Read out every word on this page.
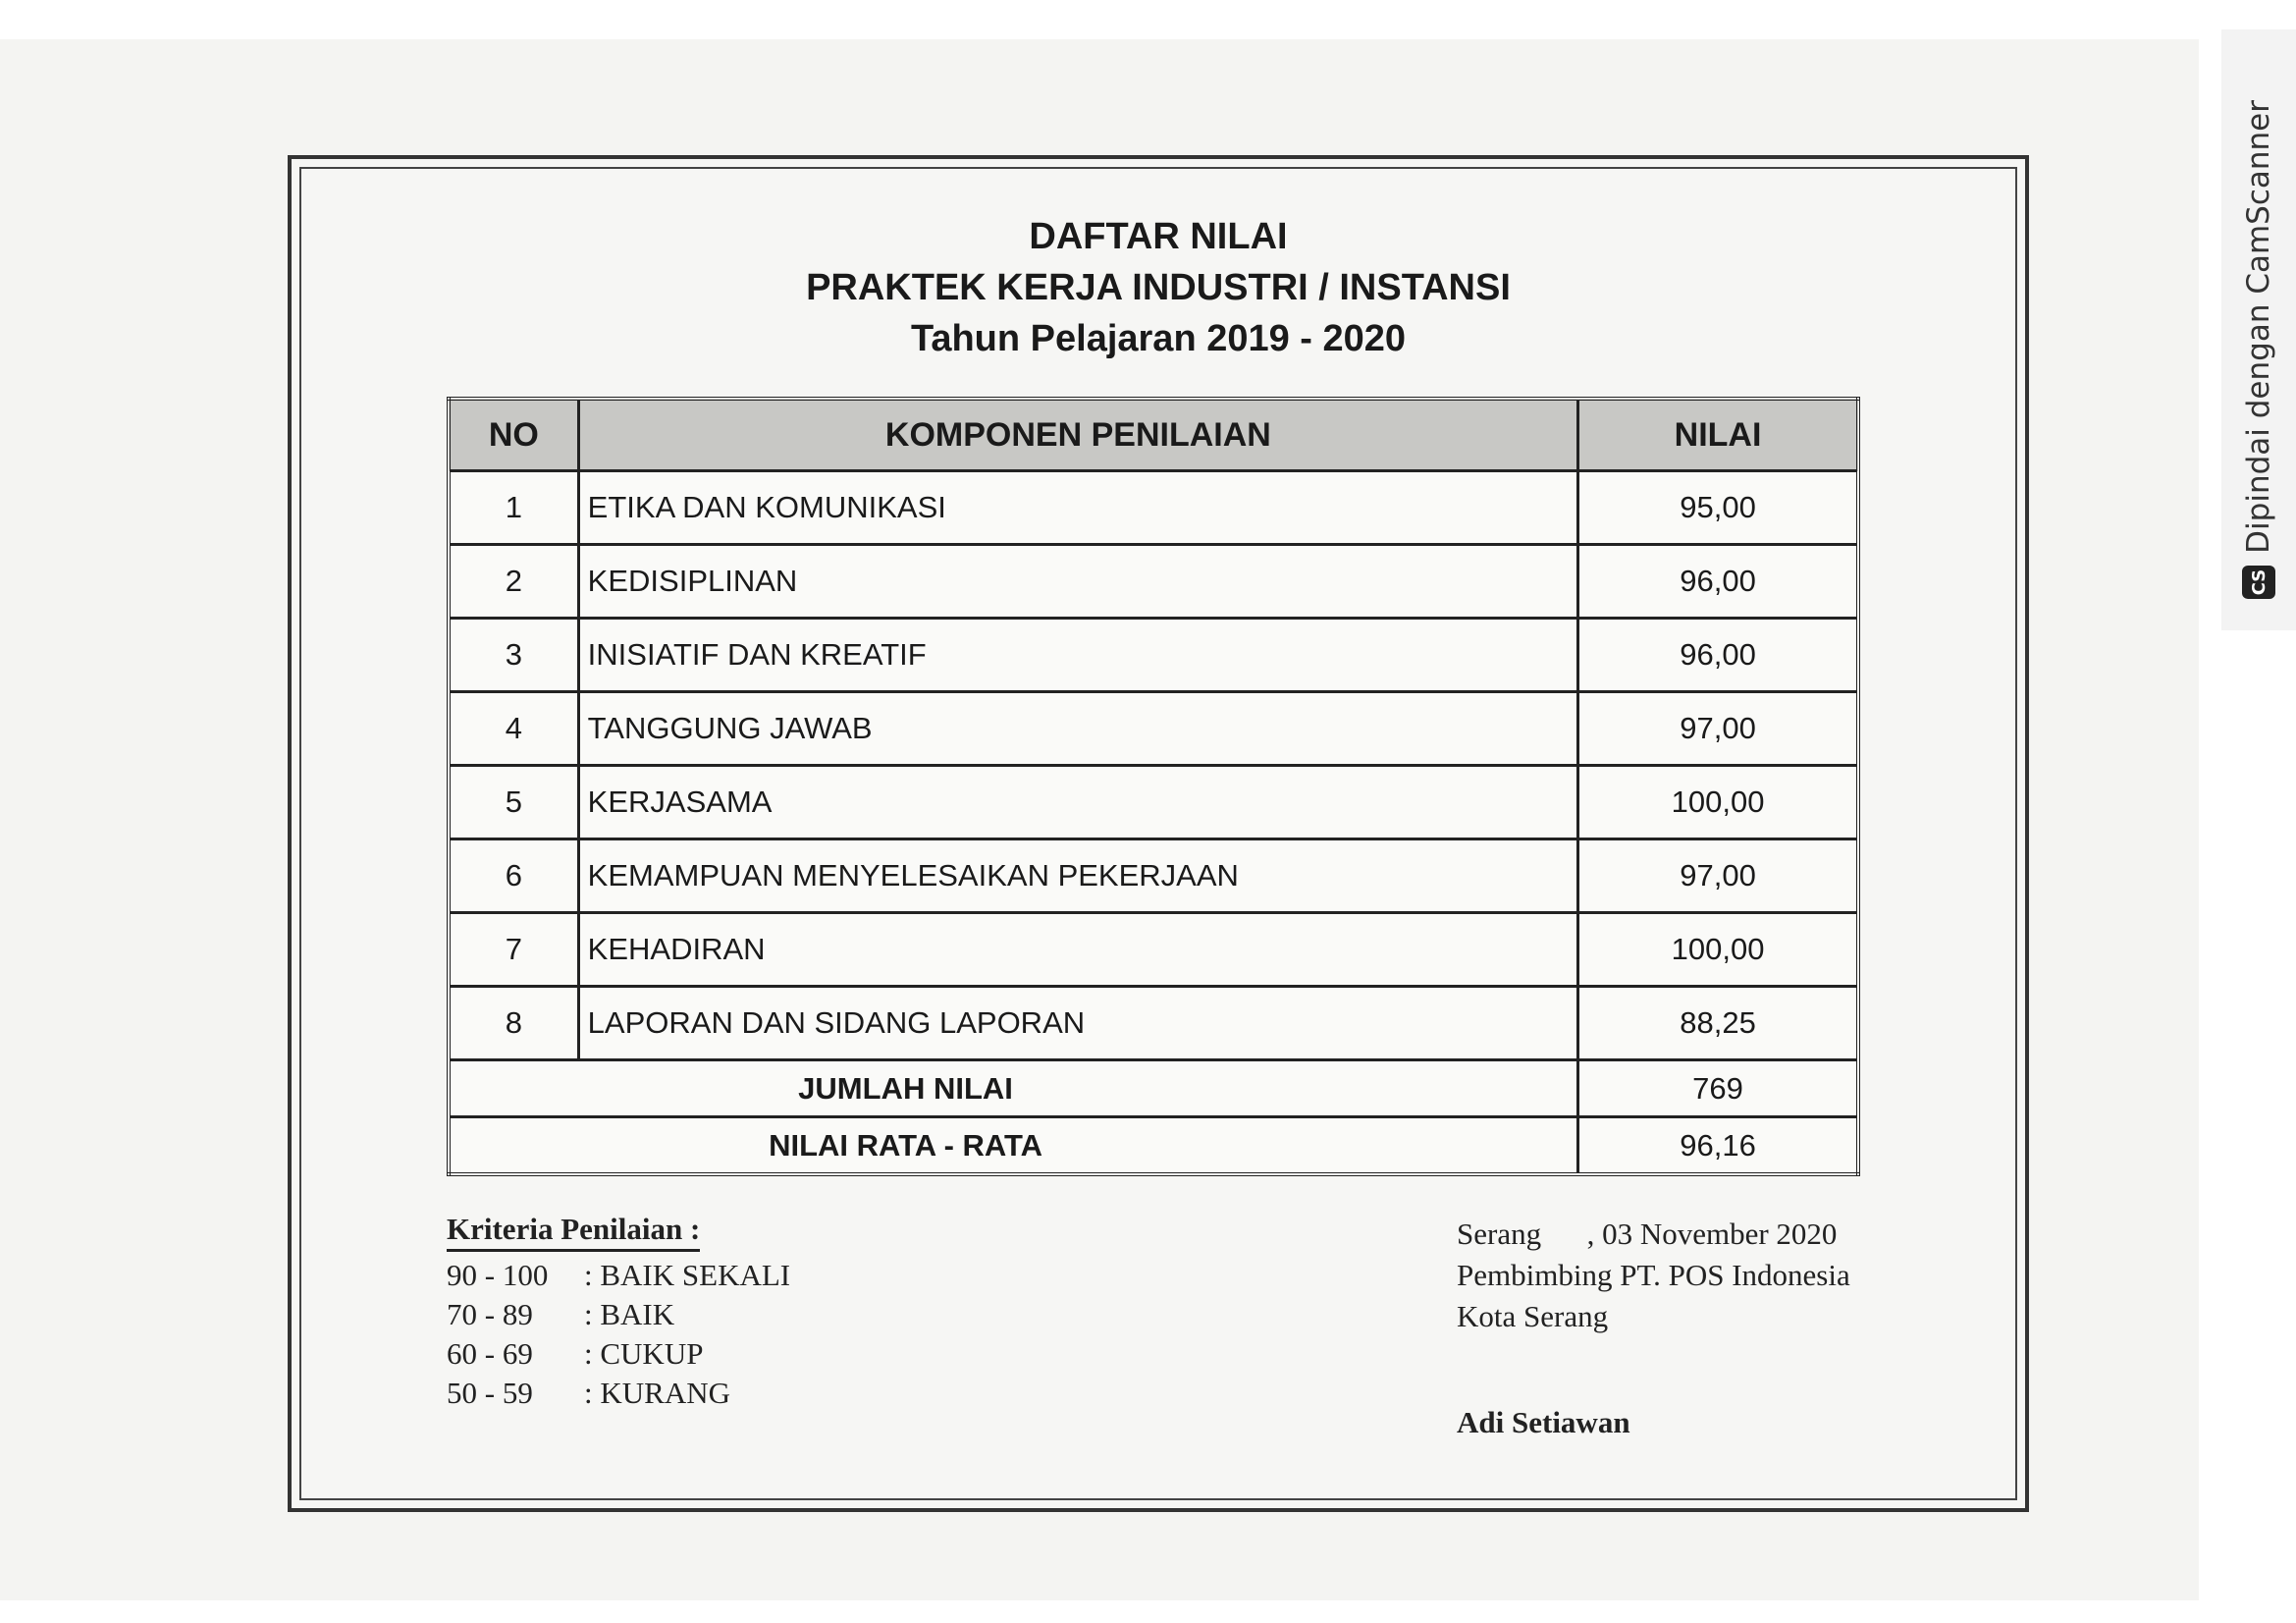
DAFTAR NILAI
PRAKTEK KERJA INDUSTRI / INSTANSI
Tahun Pelajaran 2019 - 2020
NO	KOMPONEN PENILAIAN	NILAI
1	ETIKA DAN KOMUNIKASI	95,00
2	KEDISIPLINAN	96,00
3	INISIATIF DAN KREATIF	96,00
4	TANGGUNG JAWAB	97,00
5	KERJASAMA	100,00
6	KEMAMPUAN MENYELESAIKAN PEKERJAAN	97,00
7	KEHADIRAN	100,00
8	LAPORAN DAN SIDANG LAPORAN	88,25
JUMLAH NILAI		769
NILAI RATA - RATA		96,16
Kriteria Penilaian :
90 - 100	: BAIK SEKALI
70 - 89	: BAIK
60 - 69	: CUKUP
50 - 59	: KURANG
Serang      , 03 November 2020
Pembimbing PT. POS Indonesia
Kota Serang
Adi Setiawan
CS
Dipindai dengan CamScanner
